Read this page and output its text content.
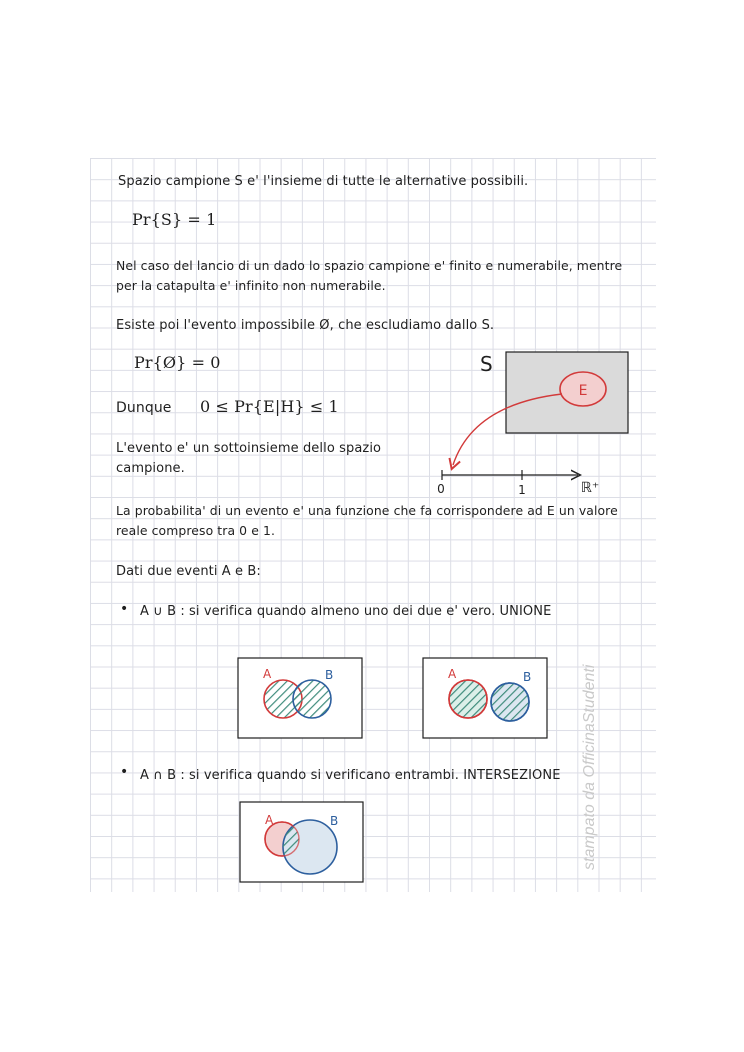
stampato da OfficinaStudenti

Spazio campione S e' l'insieme di tutte le alternative possibili.

Pr{S} = 1

Nel caso del lancio di un dado lo spazio campione e' finito e numerabile, mentre

per la catapulta e' infinito non numerabile.

Esiste poi l'evento impossibile Ø, che escludiamo dallo S.

Pr{Ø} = 0

Dunque 0 ≤ Pr{E|H} ≤ 1

L'evento e' un sottoinsieme dello spazio

campione.

La probabilita' di un evento e' una funzione che fa corrispondere ad E un valore

reale compreso tra 0 e 1.

Dati due eventi A e B:

• A ∪ B : si verifica quando almeno uno dei due e' vero. UNIONE

• A ∩ B : si verifica quando si verificano entrambi. INTERSEZIONE

S
E
0	1	ℝ⁺
A	B	A	B
A	B
